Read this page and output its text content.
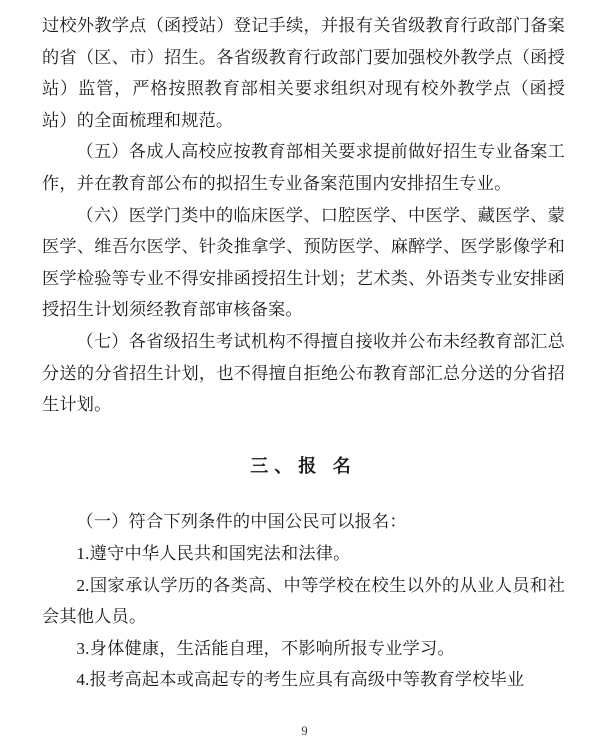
过校外教学点（函授站）登记手续，并报有关省级教育行政部门备案的省（区、市）招生。各省级教育行政部门要加强校外教学点（函授站）监管，严格按照教育部相关要求组织对现有校外教学点（函授站）的全面梳理和规范。

（五）各成人高校应按教育部相关要求提前做好招生专业备案工作，并在教育部公布的拟招生专业备案范围内安排招生专业。

（六）医学门类中的临床医学、口腔医学、中医学、藏医学、蒙医学、维吾尔医学、针灸推拿学、预防医学、麻醉学、医学影像学和医学检验等专业不得安排函授招生计划；艺术类、外语类专业安排函授招生计划须经教育部审核备案。

（七）各省级招生考试机构不得擅自接收并公布未经教育部汇总分送的分省招生计划，也不得擅自拒绝公布教育部汇总分送的分省招生计划。

三、报 名

（一）符合下列条件的中国公民可以报名：

1.遵守中华人民共和国宪法和法律。

2.国家承认学历的各类高、中等学校在校生以外的从业人员和社会其他人员。

3.身体健康，生活能自理，不影响所报专业学习。

4.报考高起本或高起专的考生应具有高级中等教育学校毕业

9
